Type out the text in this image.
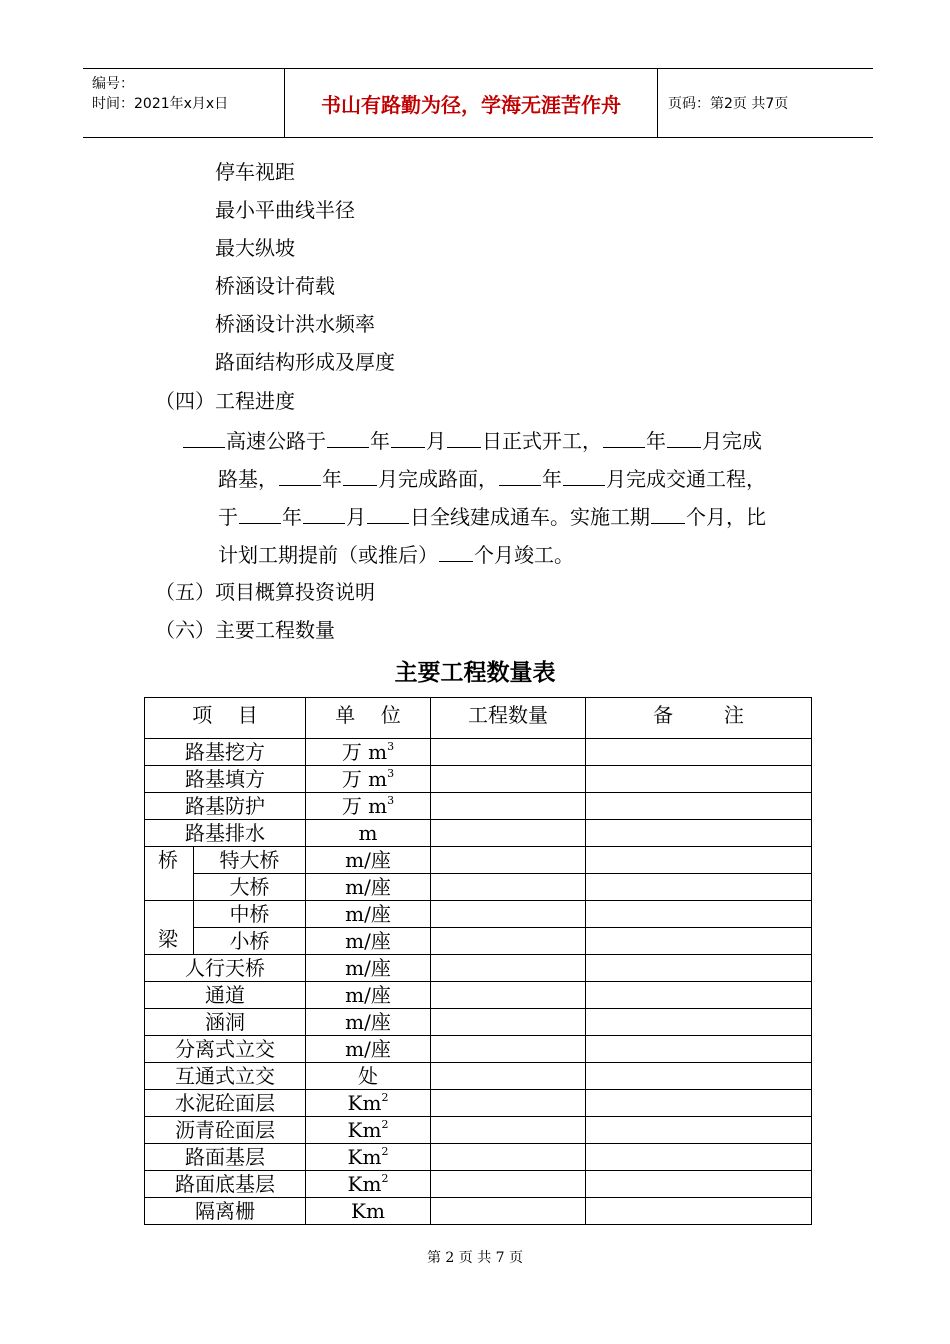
编号：
时间：2021年x月x日	书山有路勤为径，学海无涯苦作舟	页码：第2页 共7页
停车视距
最小平曲线半径
最大纵坡
桥涵设计荷载
桥涵设计洪水频率
路面结构形成及厚度
（四）工程进度
高速公路于 年 月 日正式开工， 年 月完成
路基， 年 月完成路面， 年 月完成交通工程，
于 年 月 日全线建成通车。实施工期 个月，比
计划工期提前（或推后） 个月竣工。
（五）项目概算投资说明
（六）主要工程数量
主要工程数量表
项    目		单    位	工程数量	备        注
路基挖方		万 $m^3$		
路基填方		万 $m^3$		
路基防护		万 $m^3$		
路基排水		m		
桥	特大桥	m/座		
	大桥	m/座		
梁	中桥	m/座		
	小桥	m/座		
人行天桥		m/座		
通道		m/座		
涵洞		m/座		
分离式立交		m/座		
互通式立交		处		
水泥砼面层		Km$^2$		
沥青砼面层		Km$^2$		
路面基层		Km$^2$		
路面底基层		Km$^2$		
隔离栅		Km		
第 2 页 共 7 页
